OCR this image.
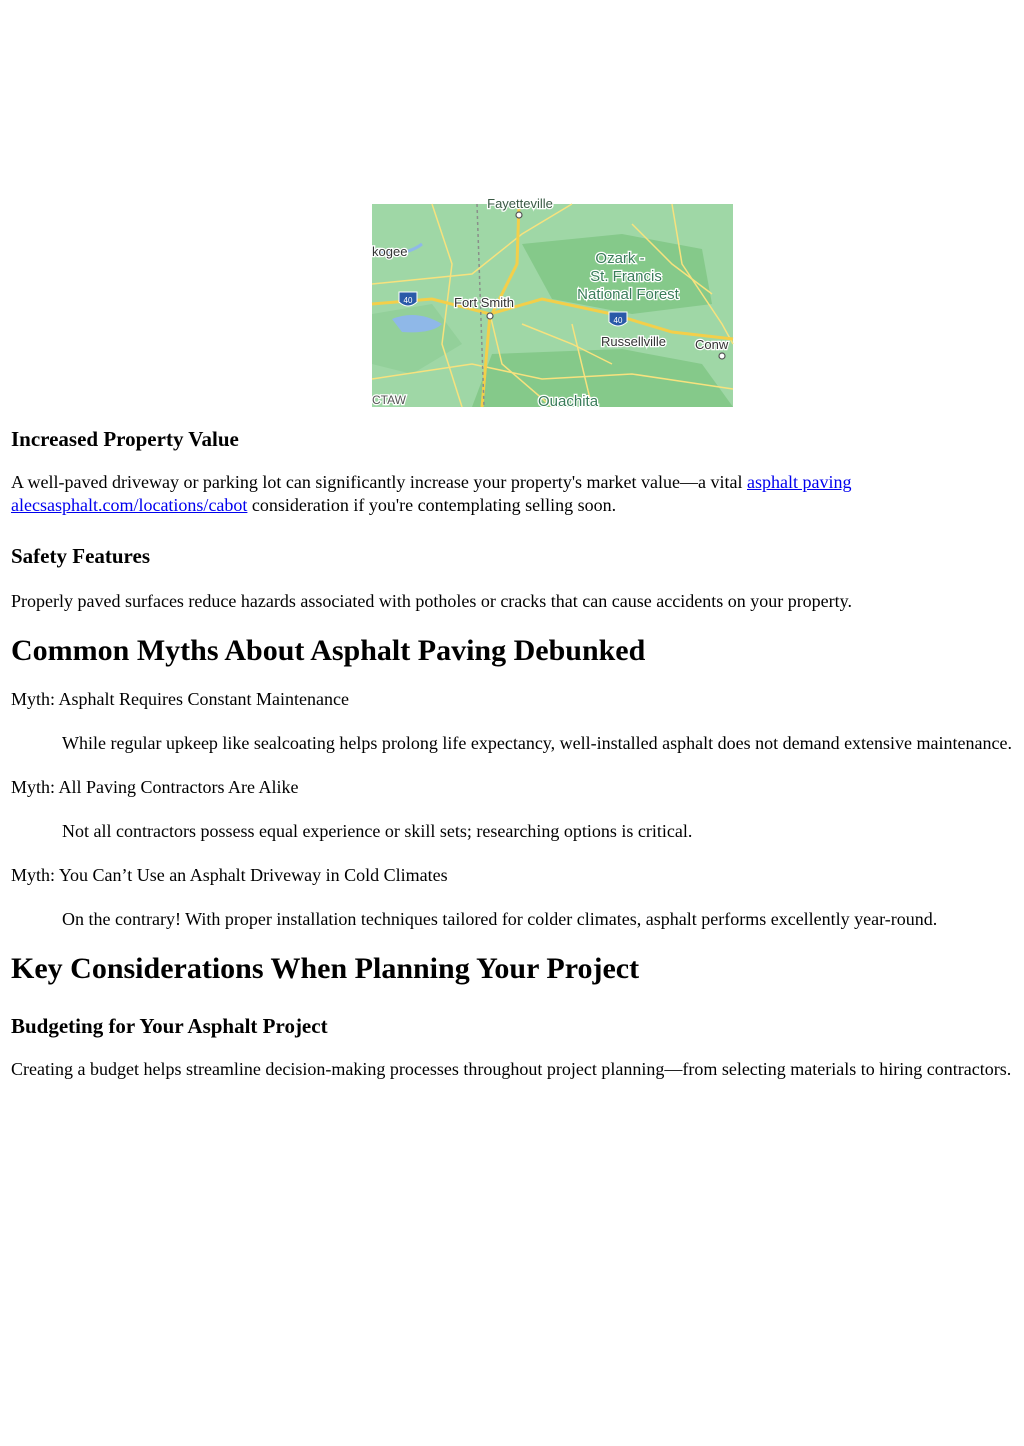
40
40
Fayetteville
kogee
Fort Smith
Ozark -
St. Francis
National Forest
Russellville Conw
CTAW	Ouachita
Increased Property Value

A well-paved driveway or parking lot can significantly increase your property's market value—a vital asphalt paving alecsasphalt.com/locations/cabot consideration if you're contemplating selling soon.

Safety Features

Properly paved surfaces reduce hazards associated with potholes or cracks that can cause accidents on your property.

Common Myths About Asphalt Paving Debunked

Myth: Asphalt Requires Constant Maintenance

While regular upkeep like sealcoating helps prolong life expectancy, well-installed asphalt does not demand extensive maintenance.

Myth: All Paving Contractors Are Alike

Not all contractors possess equal experience or skill sets; researching options is critical.

Myth: You Can’t Use an Asphalt Driveway in Cold Climates

On the contrary! With proper installation techniques tailored for colder climates, asphalt performs excellently year-round.

Key Considerations When Planning Your Project
Budgeting for Your Asphalt Project

Creating a budget helps streamline decision-making processes throughout project planning—from selecting materials to hiring contractors.
